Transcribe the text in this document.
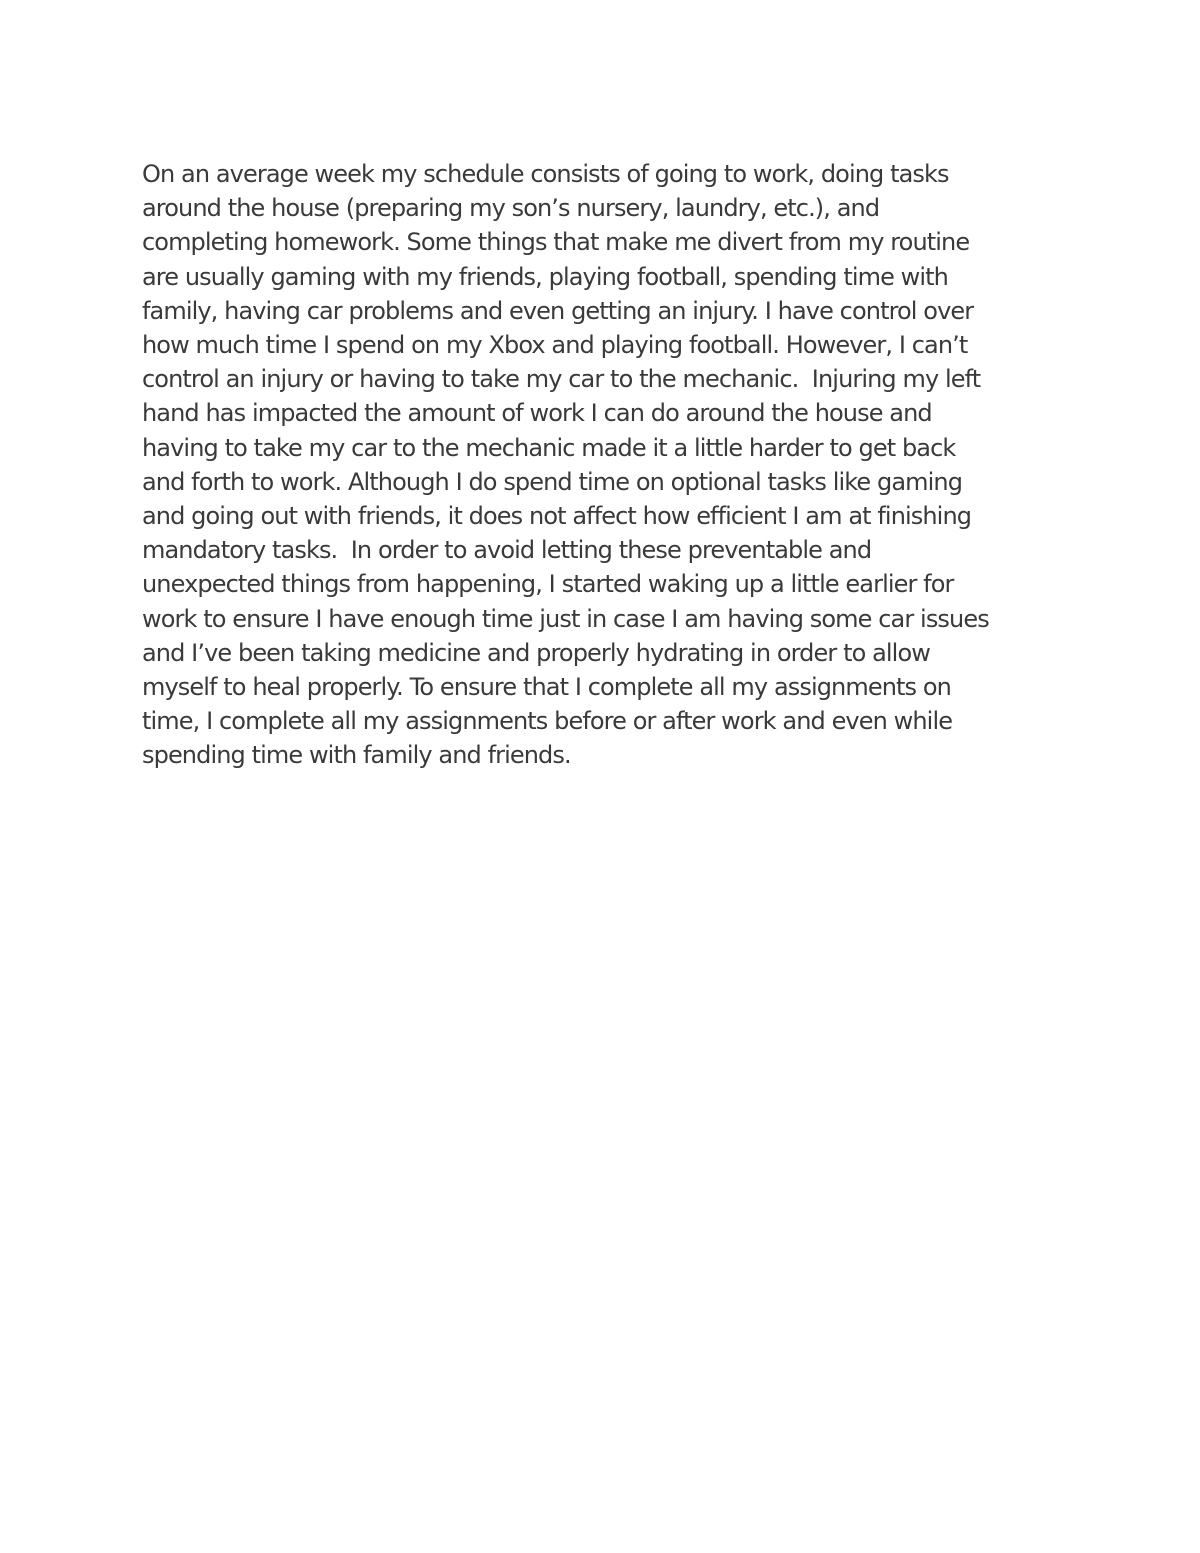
On an average week my schedule consists of going to work, doing tasks
around the house (preparing my son’s nursery, laundry, etc.), and
completing homework. Some things that make me divert from my routine
are usually gaming with my friends, playing football, spending time with
family, having car problems and even getting an injury. I have control over
how much time I spend on my Xbox and playing football. However, I can’t
control an injury or having to take my car to the mechanic.  Injuring my left
hand has impacted the amount of work I can do around the house and
having to take my car to the mechanic made it a little harder to get back
and forth to work. Although I do spend time on optional tasks like gaming
and going out with friends, it does not affect how efficient I am at finishing
mandatory tasks.  In order to avoid letting these preventable and
unexpected things from happening, I started waking up a little earlier for
work to ensure I have enough time just in case I am having some car issues
and I’ve been taking medicine and properly hydrating in order to allow
myself to heal properly. To ensure that I complete all my assignments on
time, I complete all my assignments before or after work and even while
spending time with family and friends.
